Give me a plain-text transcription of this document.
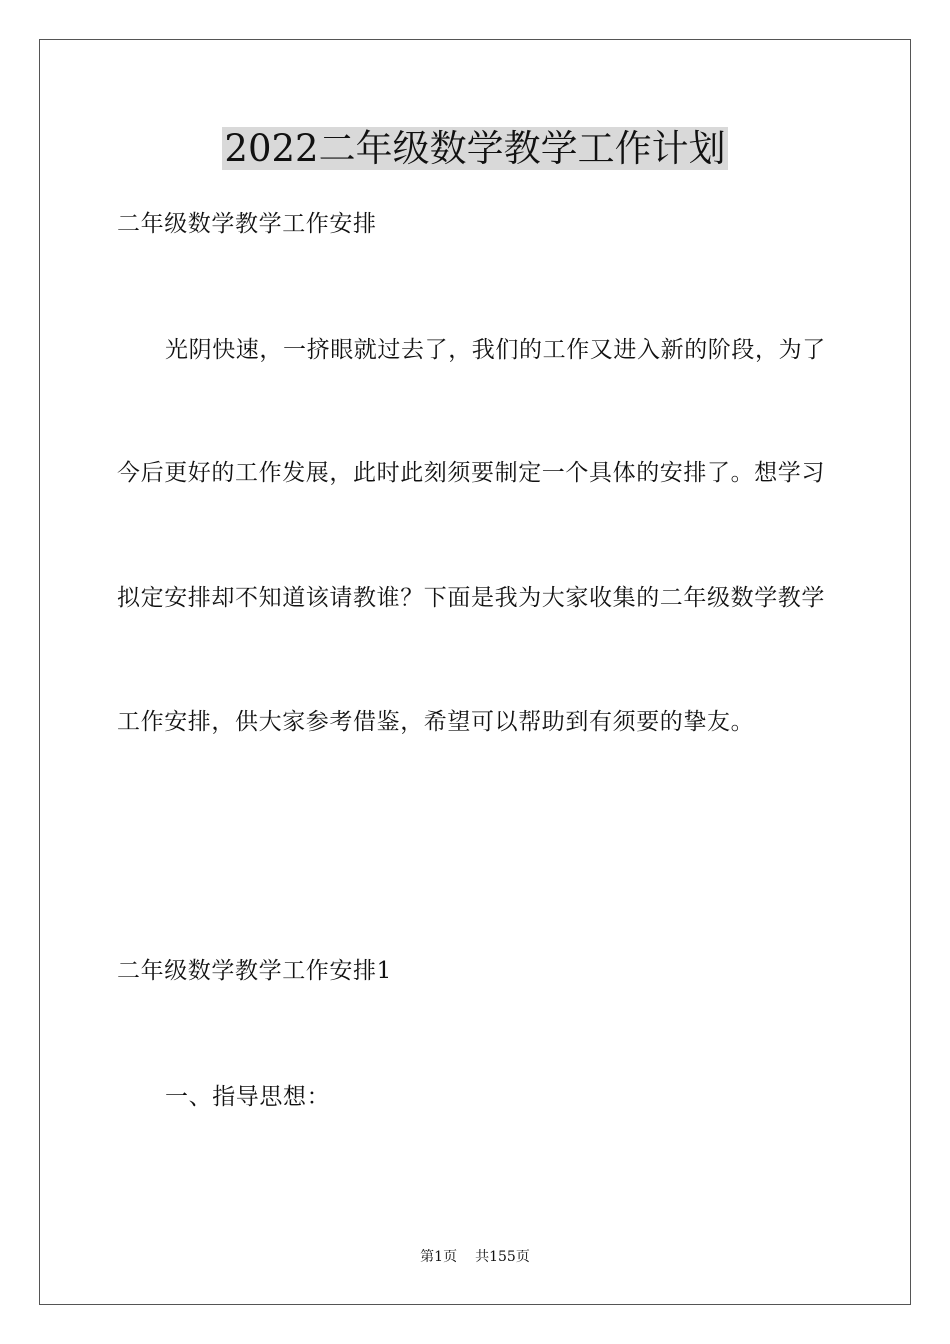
2022二年级数学教学工作计划
二年级数学教学工作安排
光阴快速，一挤眼就过去了，我们的工作又进入新的阶段，为了
今后更好的工作发展，此时此刻须要制定一个具体的安排了。想学习
拟定安排却不知道该请教谁？下面是我为大家收集的二年级数学教学
工作安排，供大家参考借鉴，希望可以帮助到有须要的挚友。
二年级数学教学工作安排1
一、指导思想：
第1页 共155页
